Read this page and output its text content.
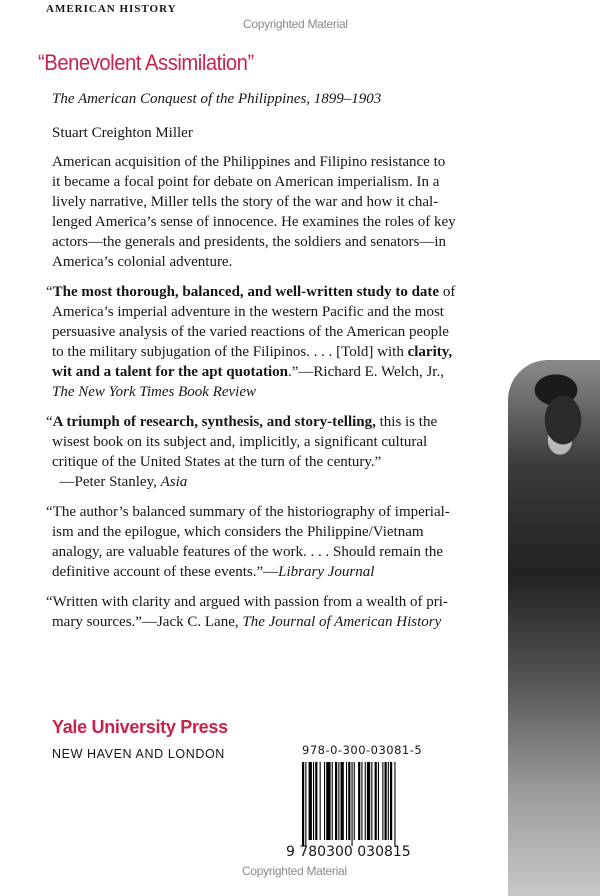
AMERICAN HISTORY
Copyrighted Material
“Benevolent Assimilation”
The American Conquest of the Philippines, 1899–1903
Stuart Creighton Miller
American acquisition of the Philippines and Filipino resistance to
it became a focal point for debate on American imperialism. In a
lively narrative, Miller tells the story of the war and how it chal-
lenged America’s sense of innocence. He examines the roles of key
actors—the generals and presidents, the soldiers and senators—in
America’s colonial adventure.
“The most thorough, balanced, and well-written study to date of
America’s imperial adventure in the western Pacific and the most
persuasive analysis of the varied reactions of the American people
to the military subjugation of the Filipinos. . . . [Told] with clarity,
wit and a talent for the apt quotation.”—Richard E. Welch, Jr.,
The New York Times Book Review
“A triumph of research, synthesis, and story-telling, this is the
wisest book on its subject and, implicitly, a significant cultural
critique of the United States at the turn of the century.”
—Peter Stanley, Asia
“The author’s balanced summary of the historiography of imperial-
ism and the epilogue, which considers the Philippine/Vietnam
analogy, are valuable features of the work. . . . Should remain the
definitive account of these events.”—Library Journal
“Written with clarity and argued with passion from a wealth of pri-
mary sources.”—Jack C. Lane, The Journal of American History
Yale University Press
NEW HAVEN AND LONDON	978-0-300-03081-5
9 780300 030815
Copyrighted Material
